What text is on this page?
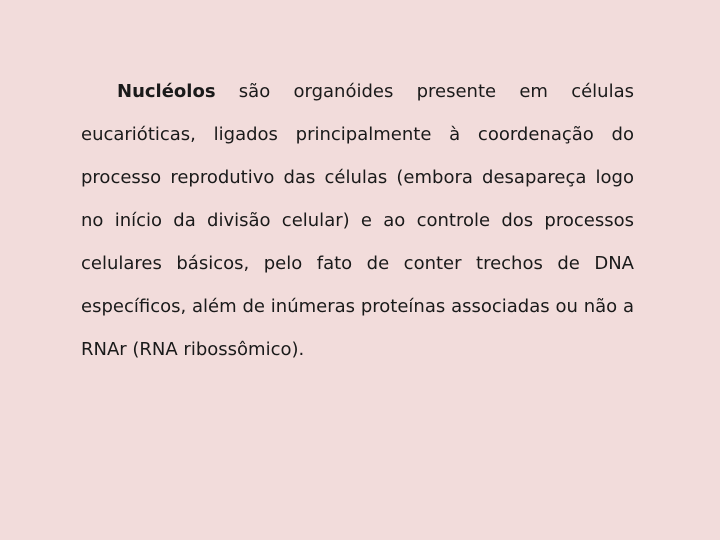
Nucléolos são organóides presente em células eucarióticas, ligados principalmente à coordenação do processo reprodutivo das células (embora desapareça logo no início da divisão celular) e ao controle dos processos celulares básicos, pelo fato de conter trechos de DNA específicos, além de inúmeras proteínas associadas ou não a RNAr (RNA ribossômico).
